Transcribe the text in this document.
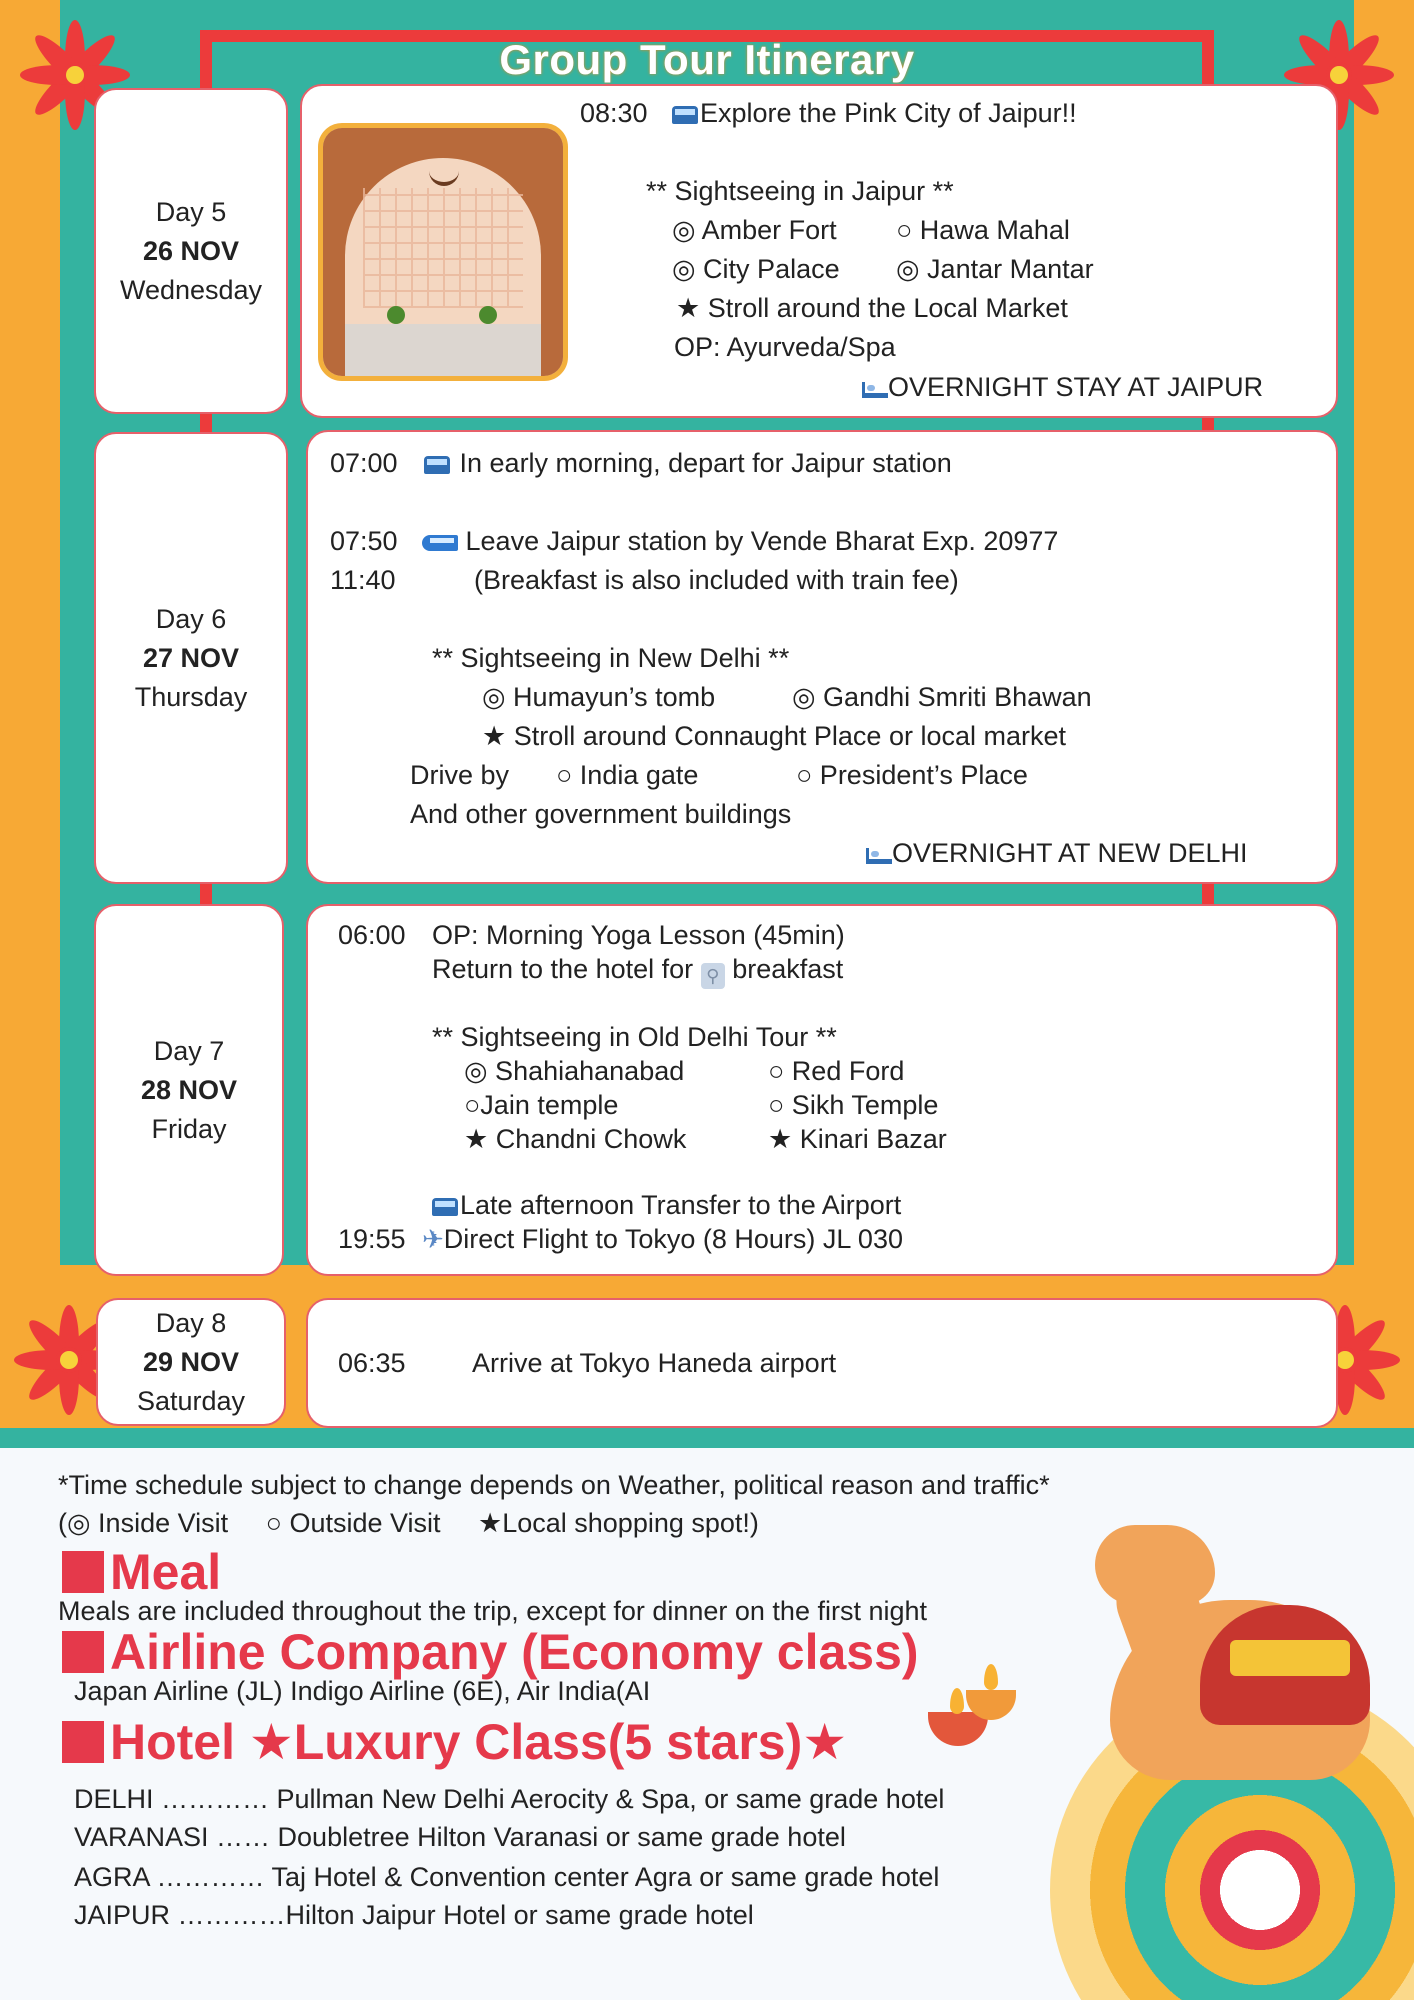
Group Tour Itinerary
Day 5
26 NOV
Wednesday
08:30	Explore the Pink City of Jaipur!!
** Sightseeing in Jaipur **
◎ Amber Fort ○ Hawa Mahal
◎ City Palace ◎ Jantar Mantar
★ Stroll around the Local Market
OP: Ayurveda/Spa
OVERNIGHT STAY AT JAIPUR
Day 6
27 NOV
Thursday
07:00	In early morning, depart for Jaipur station
07:50	Leave Jaipur station by Vende Bharat Exp. 20977
11:40	(Breakfast is also included with train fee)
** Sightseeing in New Delhi **
◎ Humayun’s tomb	◎ Gandhi Smriti Bhawan
★ Stroll around Connaught Place or local market
Drive by ○ India gate	○ President’s Place
And other government buildings
OVERNIGHT AT NEW DELHI
Day 7
28 NOV
Friday
06:00 OP: Morning Yoga Lesson (45min)
Return to the hotel for ⚲ breakfast
** Sightseeing in Old Delhi Tour **
◎ Shahiahanabad	○ Red Ford
○Jain temple	○ Sikh Temple
★ Chandni Chowk	★ Kinari Bazar
Late afternoon Transfer to the Airport
19:55 ✈Direct Flight to Tokyo (8 Hours) JL 030
Day 8
29 NOV
Saturday
06:35 Arrive at Tokyo Haneda airport
*Time schedule subject to change depends on Weather, political reason and traffic*
(◎ Inside Visit     ○ Outside Visit     ★Local shopping spot!)
Meal
Meals are included throughout the trip, except for dinner on the first night
Airline Company (Economy class)
Japan Airline (JL) Indigo Airline (6E), Air India(AI
Hotel ★Luxury Class(5 stars)★
DELHI ………… Pullman New Delhi Aerocity & Spa, or same grade hotel
VARANASI …… Doubletree Hilton Varanasi or same grade hotel
AGRA ………… Taj Hotel & Convention center Agra or same grade hotel
JAIPUR …………Hilton Jaipur Hotel or same grade hotel
